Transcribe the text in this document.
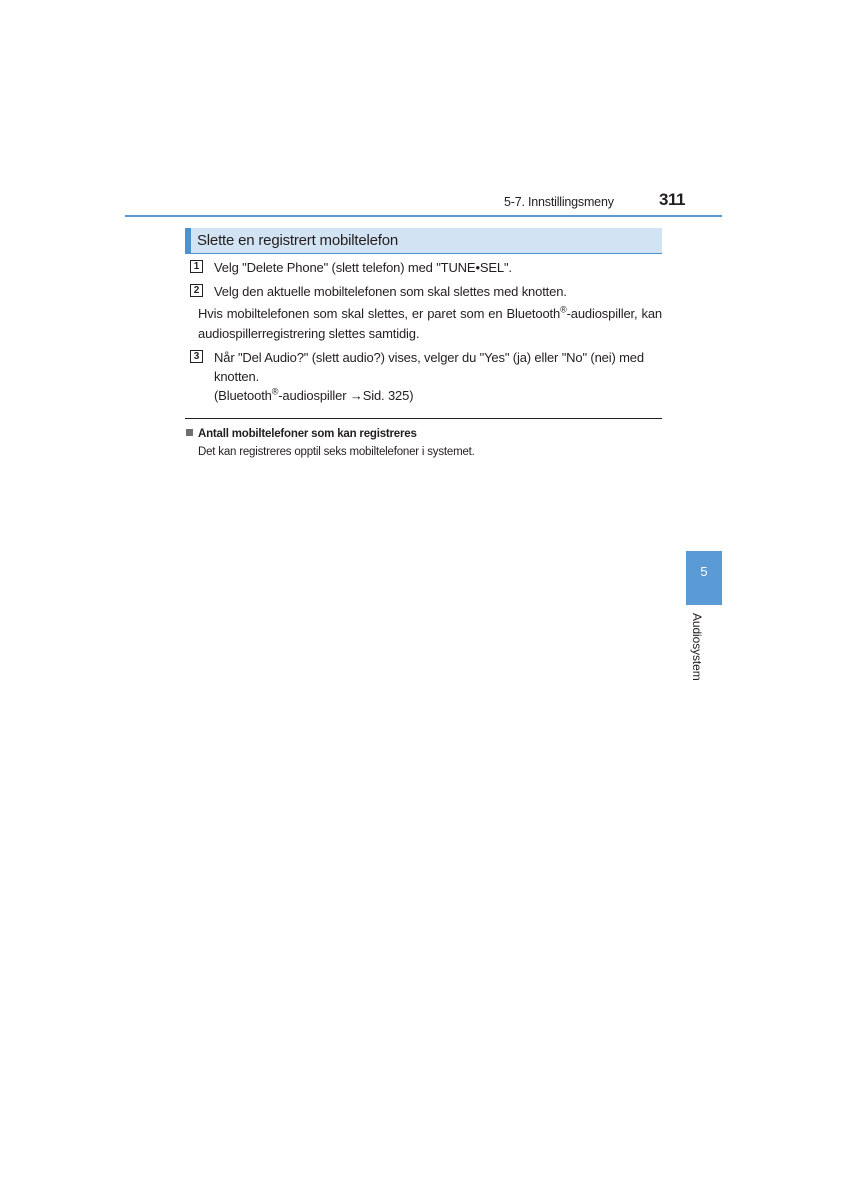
5-7. Innstillingsmeny	311
Slette en registrert mobiltelefon
1 Velg "Delete Phone" (slett telefon) med "TUNE•SEL".
2 Velg den aktuelle mobiltelefonen som skal slettes med knotten.
Hvis mobiltelefonen som skal slettes, er paret som en Bluetooth®-audiospiller, kan audiospillerregistrering slettes samtidig.
3 Når "Del Audio?" (slett audio?) vises, velger du "Yes" (ja) eller "No" (nei) med knotten.
(Bluetooth®-audiospiller →Sid. 325)
Antall mobiltelefoner som kan registreres
Det kan registreres opptil seks mobiltelefoner i systemet.
5
Audiosystem
